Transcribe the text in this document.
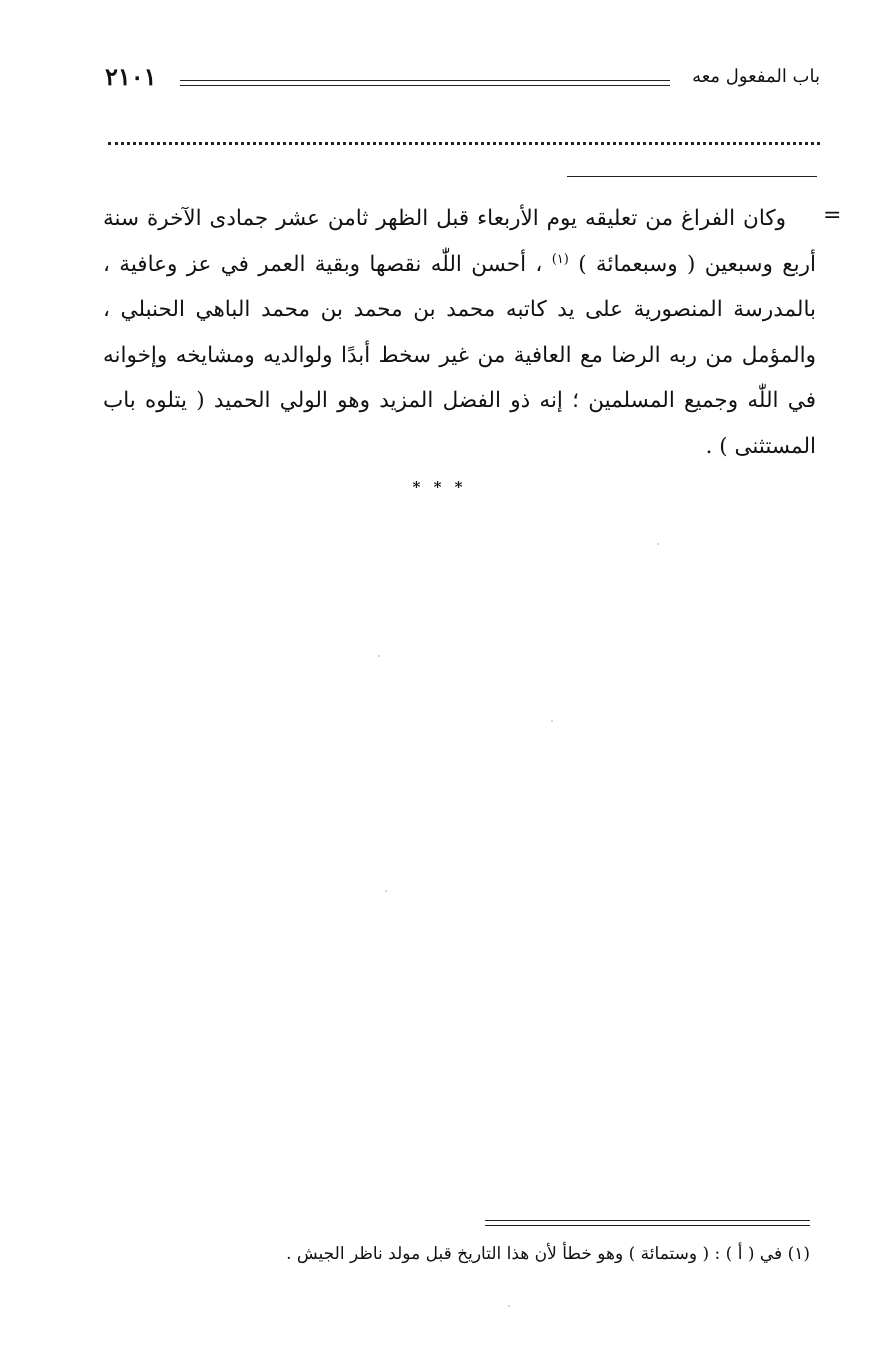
٢١٠١	باب المفعول معه
=

وكان الفراغ من تعليقه يوم الأربعاء قبل الظهر ثامن عشر جمادى الآخرة سنة أربع وسبعين ( وسبعمائة ) $^{(١)}$ ، أحسن اللّٰه نقصها وبقية العمر في عز وعافية ، بالمدرسة المنصورية على يد كاتبه محمد بن محمد بن محمد الباهي الحنبلي ، والمؤمل من ربه الرضا مع العافية من غير سخط أبدًا ولوالديه ومشايخه وإخوانه في اللّٰه وجميع المسلمين ؛ إنه ذو الفضل المزيد وهو الولي الحميد ( يتلوه باب المستثنى ) .

* * *
(١) في ( أ ) : ( وستمائة ) وهو خطأ لأن هذا التاريخ قبل مولد ناظر الجيش .
